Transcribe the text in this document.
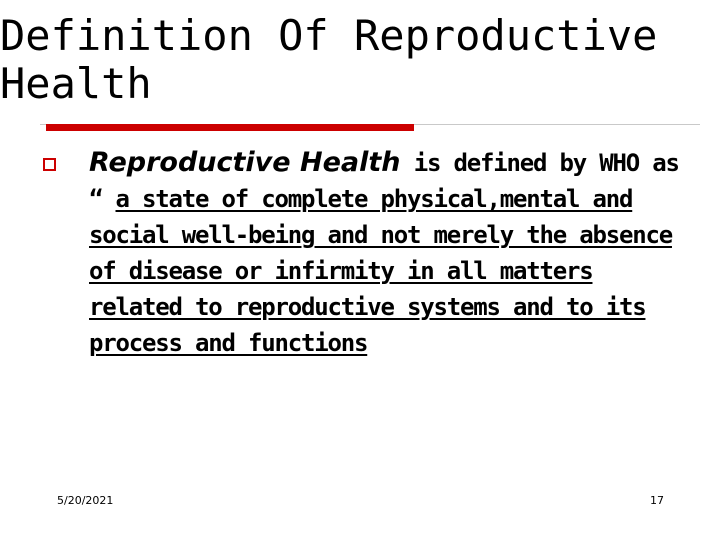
Definition Of Reproductive
Health

Reproductive Health is defined by WHO as “ a state of complete physical,mental and social well-being and not merely the absence of disease or infirmity in all matters related to reproductive systems and to its process and functions

5/20/2021	17
